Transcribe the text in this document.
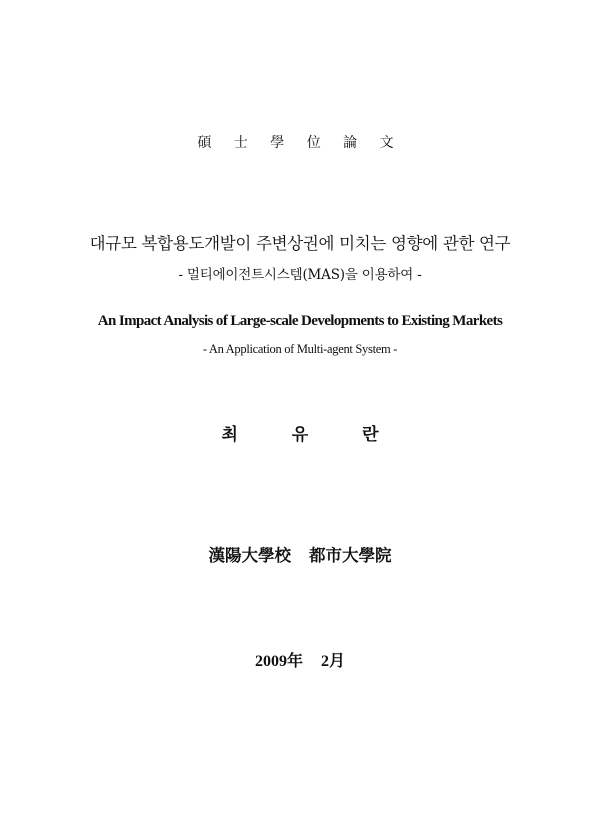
碩 士 學 位 論 文
대규모 복합용도개발이 주변상권에 미치는 영향에 관한 연구
- 멀티에이전트시스템(MAS)을 이용하여 -
An Impact Analysis of Large-scale Developments to Existing Markets
- An Application of Multi-agent System -
최 유 란
漢陽大學校 都市大學院
2009年 2月
